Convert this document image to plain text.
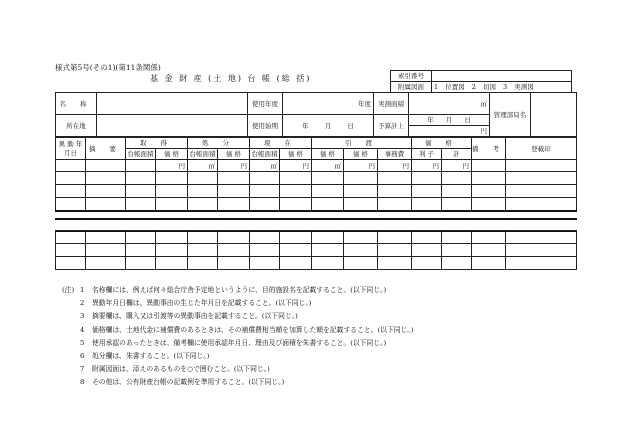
様式第5号(その1)(第11条関係)
基 金 財 産 (土 地) 台 帳 (総 括)	索引番号	
附属図面	1 位置図 2 切図 3 実測図
名 称		使用年度	年度	実測面積	㎡	管理部局名	
所在地		使用始期	年 月 日	予算計上	年 月 日
円		
異 動 年月日	摘 要	取 得		処 分		現 在		引 渡			価 格		備 考	登載印
		台帳面積	価 格	台帳面積	価 格	台帳面積	価 格	価 格	価 格	事務費	利 子	計		
			円	㎡	円	㎡	円	㎡	円	円	円	円		

(注) 1	名称欄には、例えば何々総合庁舎予定地というように、目的施設名を記載すること。(以下同じ。)
2	異動年月日欄は、異動事由の生じた年月日を記載すること。(以下同じ。)
3	摘要欄は、購入又は引渡等の異動事由を記載すること。(以下同じ。)
4	価格欄は、土地代金に補償費のあるときは、その補償費相当額を加算した額を記載すること。(以下同じ。)
5	使用承認のあったときは、備考欄に使用承認年月日、理由及び面積を朱書すること。(以下同じ。)
6	処分欄は、朱書すること。(以下同じ。)
7	附属図面は、添えのあるものを○で囲むこと。(以下同じ。)
8	その他は、公有財産台帳の記載例を準用すること。(以下同じ。)
